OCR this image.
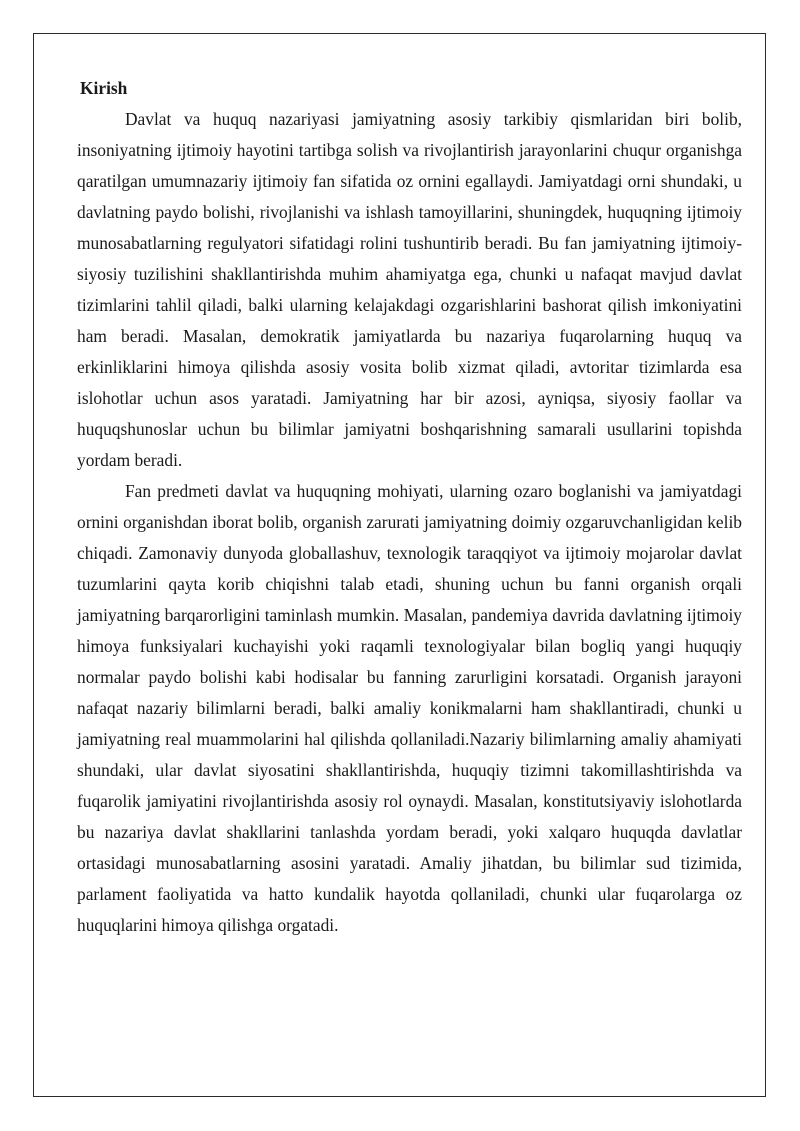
Kirish

Davlat va huquq nazariyasi jamiyatning asosiy tarkibiy qismlaridan biri bolib, insoniyatning ijtimoiy hayotini tartibga solish va rivojlantirish jarayonlarini chuqur organishga qaratilgan umumnazariy ijtimoiy fan sifatida oz ornini egallaydi. Jamiyatdagi orni shundaki, u davlatning paydo bolishi, rivojlanishi va ishlash tamoyillarini, shuningdek, huquqning ijtimoiy munosabatlarning regulyatori sifatidagi rolini tushuntirib beradi. Bu fan jamiyatning ijtimoiy-siyosiy tuzilishini shakllantirishda muhim ahamiyatga ega, chunki u nafaqat mavjud davlat tizimlarini tahlil qiladi, balki ularning kelajakdagi ozgarishlarini bashorat qilish imkoniyatini ham beradi. Masalan, demokratik jamiyatlarda bu nazariya fuqarolarning huquq va erkinliklarini himoya qilishda asosiy vosita bolib xizmat qiladi, avtoritar tizimlarda esa islohotlar uchun asos yaratadi. Jamiyatning har bir azosi, ayniqsa, siyosiy faollar va huquqshunoslar uchun bu bilimlar jamiyatni boshqarishning samarali usullarini topishda yordam beradi.

Fan predmeti davlat va huquqning mohiyati, ularning ozaro boglanishi va jamiyatdagi ornini organishdan iborat bolib, organish zarurati jamiyatning doimiy ozgaruvchanligidan kelib chiqadi. Zamonaviy dunyoda globallashuv, texnologik taraqqiyot va ijtimoiy mojarolar davlat tuzumlarini qayta korib chiqishni talab etadi, shuning uchun bu fanni organish orqali jamiyatning barqarorligini taminlash mumkin. Masalan, pandemiya davrida davlatning ijtimoiy himoya funksiyalari kuchayishi yoki raqamli texnologiyalar bilan bogliq yangi huquqiy normalar paydo bolishi kabi hodisalar bu fanning zarurligini korsatadi. Organish jarayoni nafaqat nazariy bilimlarni beradi, balki amaliy konikmalarni ham shakllantiradi, chunki u jamiyatning real muammolarini hal qilishda qollaniladi.Nazariy bilimlarning amaliy ahamiyati shundaki, ular davlat siyosatini shakllantirishda, huquqiy tizimni takomillashtirishda va fuqarolik jamiyatini rivojlantirishda asosiy rol oynaydi. Masalan, konstitutsiyaviy islohotlarda bu nazariya davlat shakllarini tanlashda yordam beradi, yoki xalqaro huquqda davlatlar ortasidagi munosabatlarning asosini yaratadi. Amaliy jihatdan, bu bilimlar sud tizimida, parlament faoliyatida va hatto kundalik hayotda qollaniladi, chunki ular fuqarolarga oz huquqlarini himoya qilishga orgatadi.
